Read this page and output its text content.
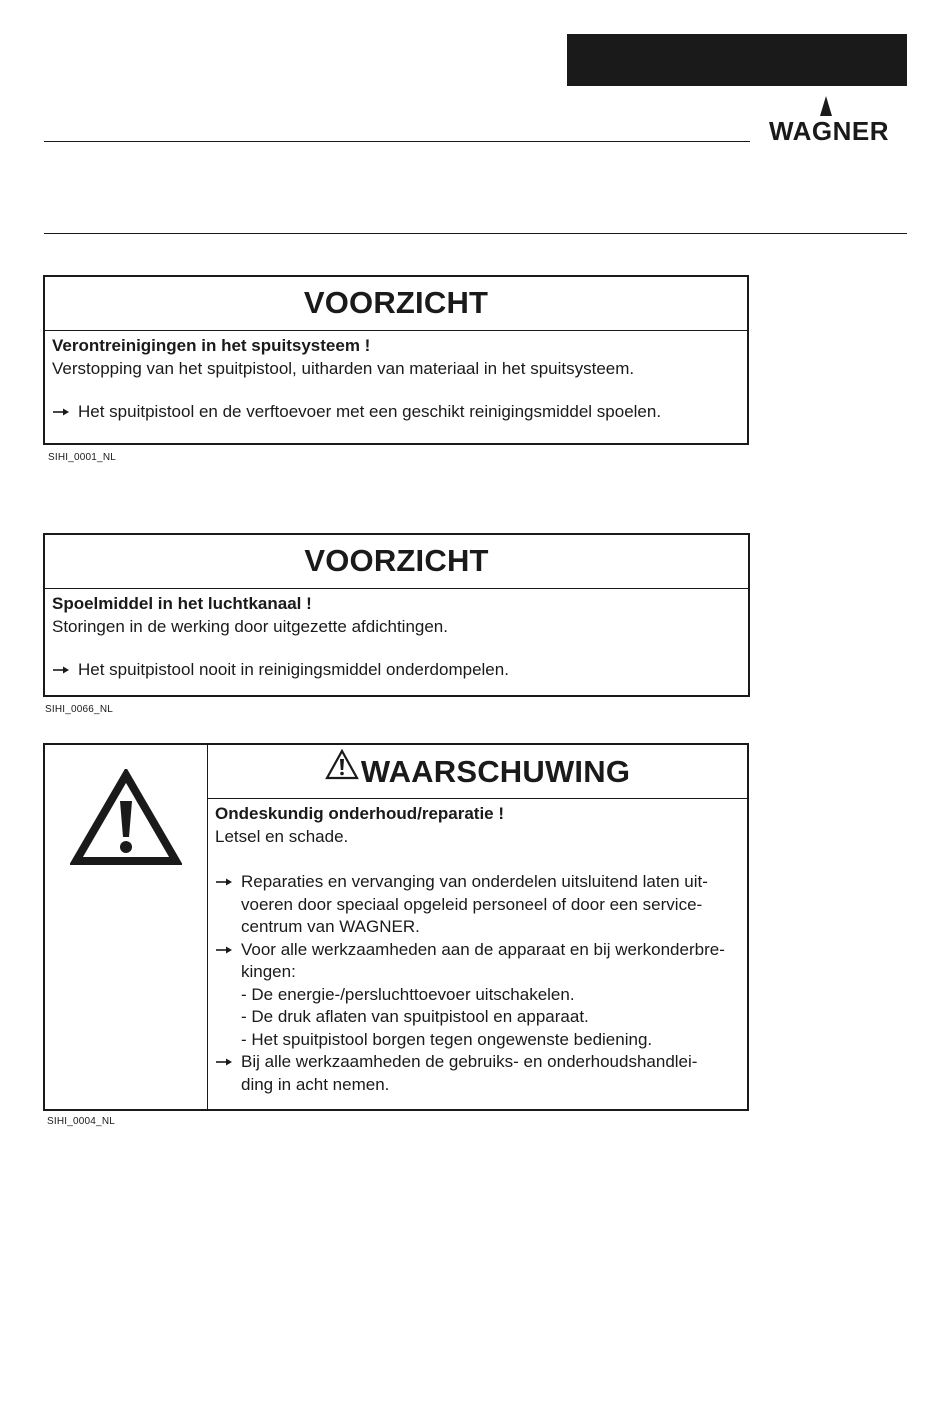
WAGNER
VOORZICHT
Verontreinigingen in het spuitsysteem !
Verstopping van het spuitpistool, uitharden van materiaal in het spuitsysteem.
Het spuitpistool en de verftoevoer met een geschikt reinigingsmiddel spoelen.
SIHI_0001_NL
VOORZICHT
Spoelmiddel in het luchtkanaal !
Storingen in de werking door uitgezette afdichtingen.
Het spuitpistool nooit in reinigingsmiddel onderdompelen.
SIHI_0066_NL
WAARSCHUWING
Ondeskundig onderhoud/reparatie !
Letsel en schade.
Reparaties en vervanging van onderdelen uitsluitend laten uit-
voeren door speciaal opgeleid personeel of door een service-
centrum van WAGNER.
Voor alle werkzaamheden aan de apparaat en bij werkonderbre-
kingen:
- De energie-/persluchttoevoer uitschakelen.
- De druk aflaten van spuitpistool en apparaat.
- Het spuitpistool borgen tegen ongewenste bediening.
Bij alle werkzaamheden de gebruiks- en onderhoudshandlei-
ding in acht nemen.
SIHI_0004_NL
